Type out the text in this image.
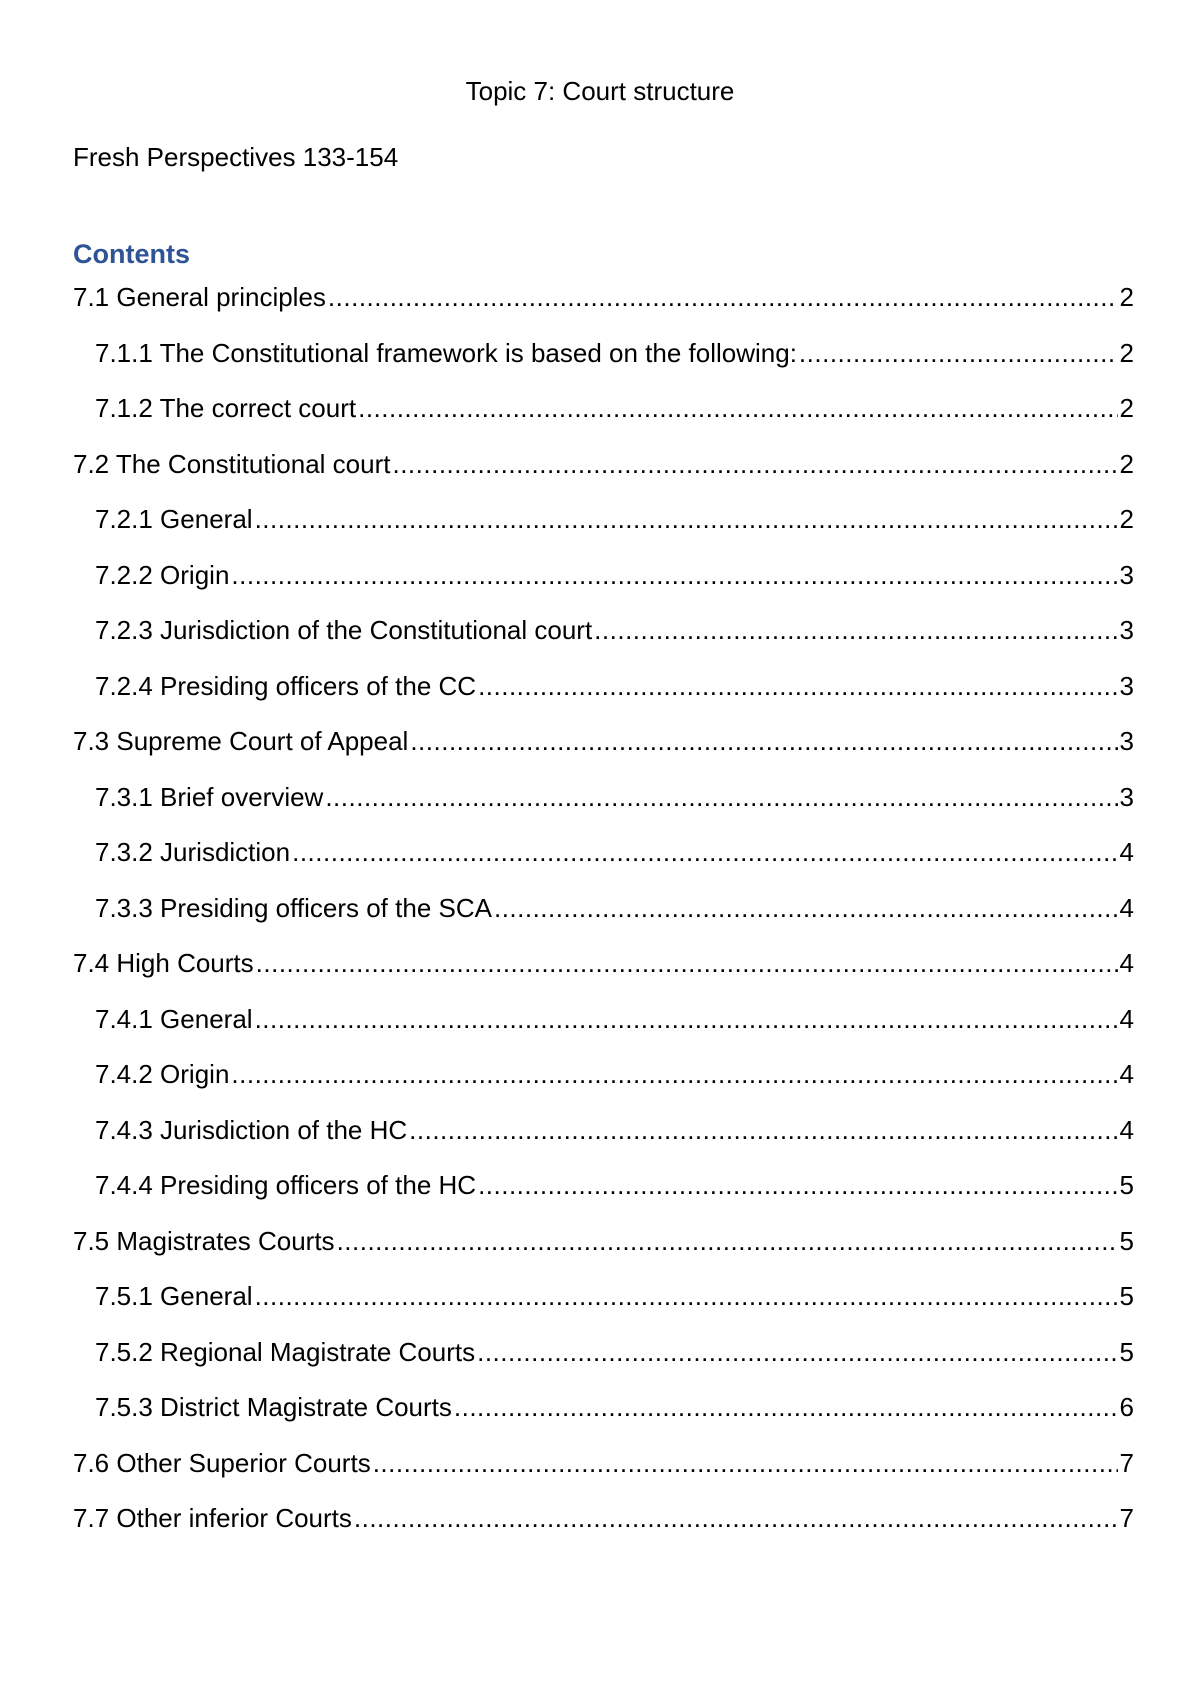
Topic 7: Court structure

Fresh Perspectives 133-154

Contents
7.1 General principles .....	2
7.1.1 The Constitutional framework is based on the following: .....	2
7.1.2 The correct court .....	2
7.2 The Constitutional court .....	2
7.2.1 General .....	2
7.2.2 Origin .....	3
7.2.3 Jurisdiction of the Constitutional court .....	3
7.2.4 Presiding officers of the CC .....	3
7.3 Supreme Court of Appeal .....	3
7.3.1 Brief overview .....	3
7.3.2 Jurisdiction .....	4
7.3.3 Presiding officers of the SCA .....	4
7.4 High Courts .....	4
7.4.1 General .....	4
7.4.2 Origin .....	4
7.4.3 Jurisdiction of the HC .....	4
7.4.4 Presiding officers of the HC .....	5
7.5 Magistrates Courts .....	5
7.5.1 General .....	5
7.5.2 Regional Magistrate Courts .....	5
7.5.3 District Magistrate Courts .....	6
7.6 Other Superior Courts .....	7
7.7 Other inferior Courts .....	7
